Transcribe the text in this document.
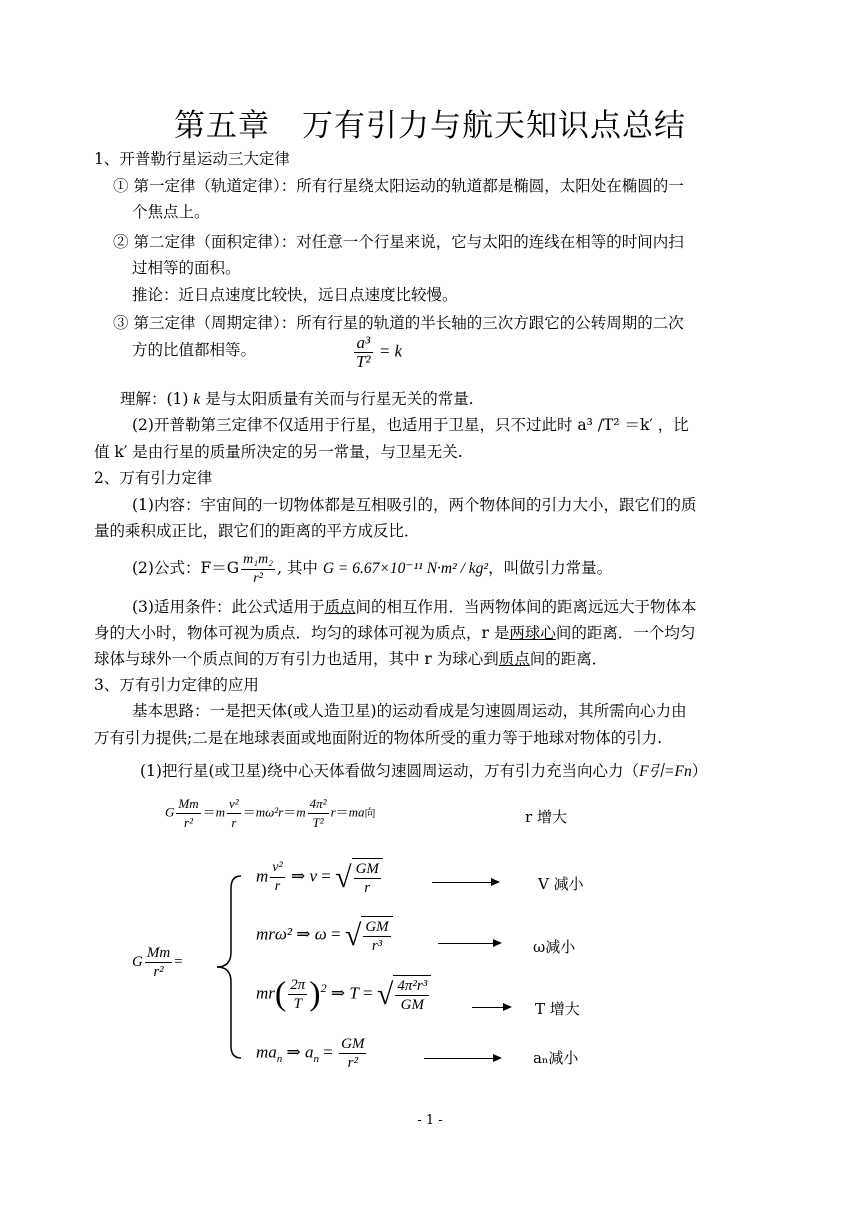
第五章　万有引力与航天知识点总结
1、开普勒行星运动三大定律
① 第一定律（轨道定律）：所有行星绕太阳运动的轨道都是椭圆，太阳处在椭圆的一
个焦点上。
② 第二定律（面积定律）：对任意一个行星来说，它与太阳的连线在相等的时间内扫
过相等的面积。
推论：近日点速度比较快，远日点速度比较慢。
③ 第三定律（周期定律）：所有行星的轨道的半长轴的三次方跟它的公转周期的二次
方的比值都相等。	$\frac{\text{a³}}{\text{T²}} = k$
理解：(1) k 是与太阳质量有关而与行星无关的常量.
(2)开普勒第三定律不仅适用于行星，也适用于卫星，只不过此时 a³ /T² ＝k′ ，比
值 k′ 是由行星的质量所决定的另一常量，与卫星无关.
2、万有引力定律
(1)内容：宇宙间的一切物体都是互相吸引的，两个物体间的引力大小，跟它们的质
量的乘积成正比，跟它们的距离的平方成反比．
(2)公式：$F=G \frac{\text{m₁m₂}}{\text{r²}}$ , 其中 G = 6.67×10⁻¹¹ N·m² / kg²，叫做引力常量。
(3)适用条件：此公式适用于质点间的相互作用．当两物体间的距离远远大于物体本
身的大小时，物体可视为质点．均匀的球体可视为质点，r 是两球心间的距离．一个均匀
球体与球外一个质点间的万有引力也适用，其中 r 为球心到质点间的距离．
3、万有引力定律的应用
基本思路：一是把天体(或人造卫星)的运动看成是匀速圆周运动，其所需向心力由
万有引力提供;二是在地球表面或地面附近的物体所受的重力等于地球对物体的引力.
(1)把行星(或卫星)绕中心天体看做匀速圆周运动，万有引力充当向心力（F引=Fn）
G $\frac{Mm}{\text{r²}} =m \frac{\text{v²}}{r} =m\omega^2r=m \frac{\text{4π²}}{\text{T²}} r=ma$向	r 增大
G $\frac{Mm}{\text{r²}}$ =
m $\frac{\text{v²}}{r}$ ⇒ v = √ $\frac{GM}{r}$	V 减小
mrω² ⇒ ω = √ $\frac{GM}{\text{r³}}$	ω减小
$mr( \frac{2\pi}{T} )^2$ ⇒ T = √ $\frac{\text{4π²r³}}{GM}$	T 增大
$ma_n$ ⇒ $a_n = \frac{GM}{\text{r²}}$	aₙ减小
- 1 -
